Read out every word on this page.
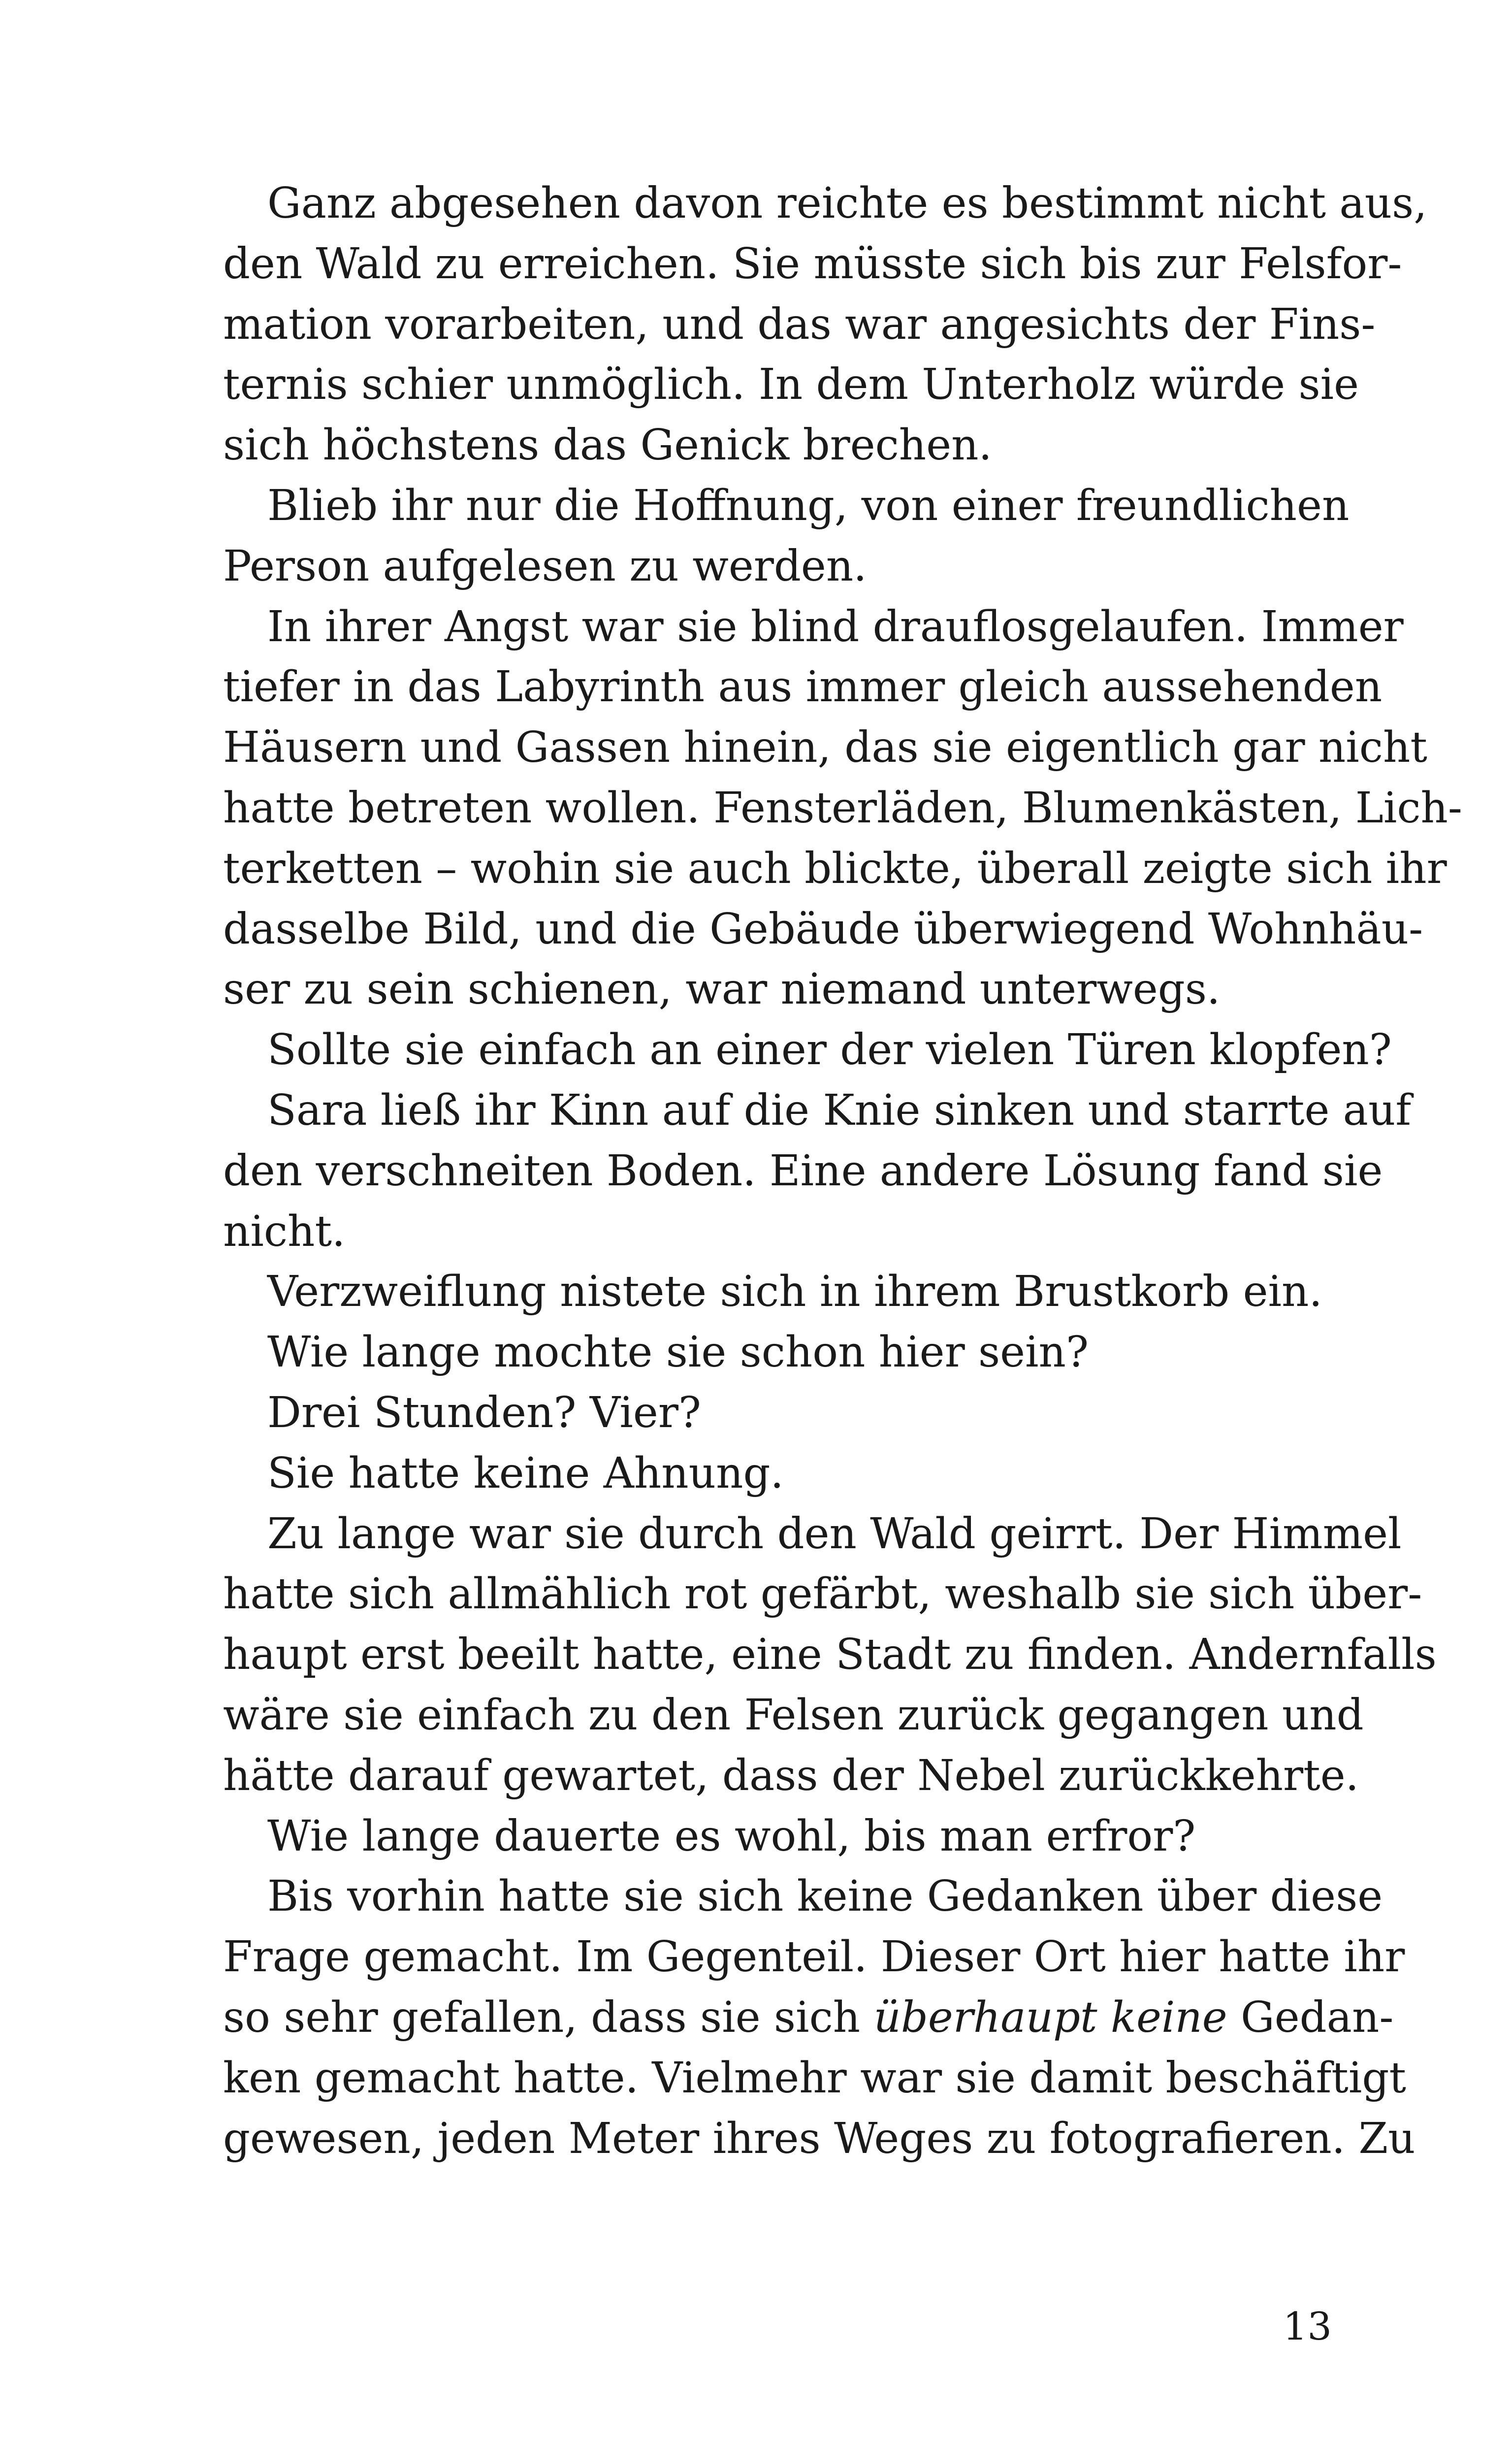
Ganz abgesehen davon reichte es bestimmt nicht aus,
den Wald zu erreichen. Sie müsste sich bis zur Felsfor-
mation vorarbeiten, und das war angesichts der Fins-
ternis schier unmöglich. In dem Unterholz würde sie
sich höchstens das Genick brechen.
Blieb ihr nur die Hoffnung, von einer freundlichen
Person aufgelesen zu werden.
In ihrer Angst war sie blind drauflosgelaufen. Immer
tiefer in das Labyrinth aus immer gleich aussehenden
Häusern und Gassen hinein, das sie eigentlich gar nicht
hatte betreten wollen. Fensterläden, Blumenkästen, Lich-
terketten – wohin sie auch blickte, überall zeigte sich ihr
dasselbe Bild, und die Gebäude überwiegend Wohnhäu-
ser zu sein schienen, war niemand unterwegs.
Sollte sie einfach an einer der vielen Türen klopfen?
Sara ließ ihr Kinn auf die Knie sinken und starrte auf
den verschneiten Boden. Eine andere Lösung fand sie
nicht.
Verzweiflung nistete sich in ihrem Brustkorb ein.
Wie lange mochte sie schon hier sein?
Drei Stunden? Vier?
Sie hatte keine Ahnung.
Zu lange war sie durch den Wald geirrt. Der Himmel
hatte sich allmählich rot gefärbt, weshalb sie sich über-
haupt erst beeilt hatte, eine Stadt zu finden. Andernfalls
wäre sie einfach zu den Felsen zurück gegangen und
hätte darauf gewartet, dass der Nebel zurückkehrte.
Wie lange dauerte es wohl, bis man erfror?
Bis vorhin hatte sie sich keine Gedanken über diese
Frage gemacht. Im Gegenteil. Dieser Ort hier hatte ihr
so sehr gefallen, dass sie sich überhaupt keine Gedan-
ken gemacht hatte. Vielmehr war sie damit beschäftigt
gewesen, jeden Meter ihres Weges zu fotografieren. Zu
13
